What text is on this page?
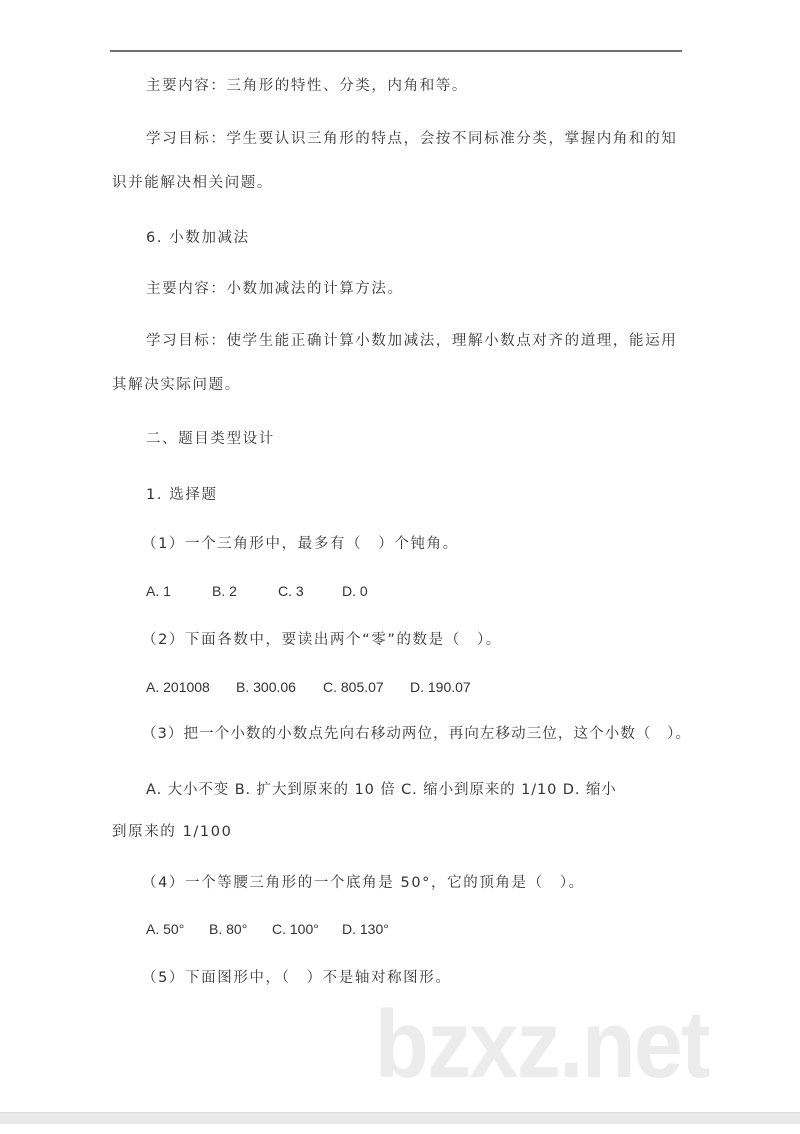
主要内容：三角形的特性、分类，内角和等。
学习目标：学生要认识三角形的特点，会按不同标准分类，掌握内角和的知
识并能解决相关问题。
6. 小数加减法
主要内容：小数加减法的计算方法。
学习目标：使学生能正确计算小数加减法，理解小数点对齐的道理，能运用
其解决实际问题。
二、题目类型设计
1. 选择题
（1）一个三角形中，最多有（　）个钝角。
A. 1	B. 2	C. 3	D. 0
（2）下面各数中，要读出两个“零”的数是（　）。
A. 201008 B. 300.06 C. 805.07 D. 190.07
（3）把一个小数的小数点先向右移动两位，再向左移动三位，这个小数（　）。
A. 大小不变 B. 扩大到原来的 10 倍 C. 缩小到原来的 1/10 D. 缩小
到原来的 1/100
（4）一个等腰三角形的一个底角是 50°，它的顶角是（　）。
A. 50° B. 80° C. 100° D. 130°
（5）下面图形中，（　）不是轴对称图形。
bzxz.net
